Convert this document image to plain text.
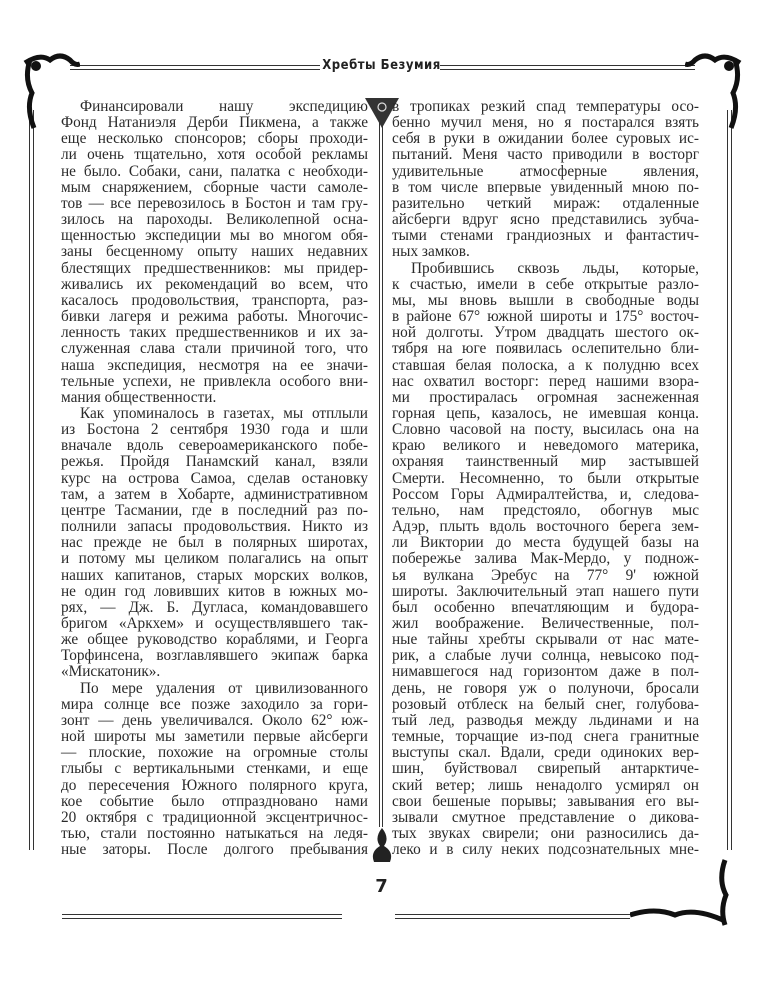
Хребты Безумия
Финансировали нашу экспедицию
Фонд Натаниэля Дерби Пикмена, а также
еще несколько спонсоров; сборы проходи-
ли очень тщательно, хотя особой рекламы
не было. Собаки, сани, палатка с необходи-
мым снаряжением, сборные части самоле-
тов — все перевозилось в Бостон и там гру-
зилось на пароходы. Великолепной осна-
щенностью экспедиции мы во многом обя-
заны бесценному опыту наших недавних
блестящих предшественников: мы придер-
живались их рекомендаций во всем, что
касалось продовольствия, транспорта, раз-
бивки лагеря и режима работы. Многочис-
ленность таких предшественников и их за-
служенная слава стали причиной того, что
наша экспедиция, несмотря на ее значи-
тельные успехи, не привлекла особого вни-
мания общественности.
Как упоминалось в газетах, мы отплыли
из Бостона 2 сентября 1930 года и шли
вначале вдоль североамериканского побе-
режья. Пройдя Панамский канал, взяли
курс на острова Самоа, сделав остановку
там, а затем в Хобарте, административном
центре Тасмании, где в последний раз по-
полнили запасы продовольствия. Никто из
нас прежде не был в полярных широтах,
и потому мы целиком полагались на опыт
наших капитанов, старых морских волков,
не один год ловивших китов в южных мо-
рях, — Дж. Б. Дугласа, командовавшего
бригом «Аркхем» и осуществлявшего так-
же общее руководство кораблями, и Георга
Торфинсена, возглавлявшего экипаж барка
«Мискатоник».
По мере удаления от цивилизованного
мира солнце все позже заходило за гори-
зонт — день увеличивался. Около 62° юж-
ной широты мы заметили первые айсберги
— плоские, похожие на огромные столы
глыбы с вертикальными стенками, и еще
до пересечения Южного полярного круга,
кое событие было отпраздновано нами
20 октября с традиционной эксцентричнос-
тью, стали постоянно натыкаться на ледя-
ные заторы. После долгого пребывания
в тропиках резкий спад температуры осо-
бенно мучил меня, но я постарался взять
себя в руки в ожидании более суровых ис-
пытаний. Меня часто приводили в восторг
удивительные атмосферные явления,
в том числе впервые увиденный мною по-
разительно четкий мираж: отдаленные
айсберги вдруг ясно представились зубча-
тыми стенами грандиозных и фантастич-
ных замков.
Пробившись сквозь льды, которые,
к счастью, имели в себе открытые разло-
мы, мы вновь вышли в свободные воды
в районе 67° южной широты и 175° восточ-
ной долготы. Утром двадцать шестого ок-
тября на юге появилась ослепительно бли-
ставшая белая полоска, а к полудню всех
нас охватил восторг: перед нашими взора-
ми простиралась огромная заснеженная
горная цепь, казалось, не имевшая конца.
Словно часовой на посту, высилась она на
краю великого и неведомого материка,
охраняя таинственный мир застывшей
Смерти. Несомненно, то были открытые
Россом Горы Адмиралтейства, и, следова-
тельно, нам предстояло, обогнув мыс
Адэр, плыть вдоль восточного берега зем-
ли Виктории до места будущей базы на
побережье залива Мак-Мердо, у поднож-
ья вулкана Эребус на 77° 9' южной
широты. Заключительный этап нашего пути
был особенно впечатляющим и будора-
жил воображение. Величественные, пол-
ные тайны хребты скрывали от нас мате-
рик, а слабые лучи солнца, невысоко под-
нимавшегося над горизонтом даже в пол-
день, не говоря уж о полуночи, бросали
розовый отблеск на белый снег, голубова-
тый лед, разводья между льдинами и на
темные, торчащие из-под снега гранитные
выступы скал. Вдали, среди одиноких вер-
шин, буйствовал свирепый антарктиче-
ский ветер; лишь ненадолго усмирял он
свои бешеные порывы; завывания его вы-
зывали смутное представление о дикова-
тых звуках свирели; они разносились да-
леко и в силу неких подсознательных мне-
7
